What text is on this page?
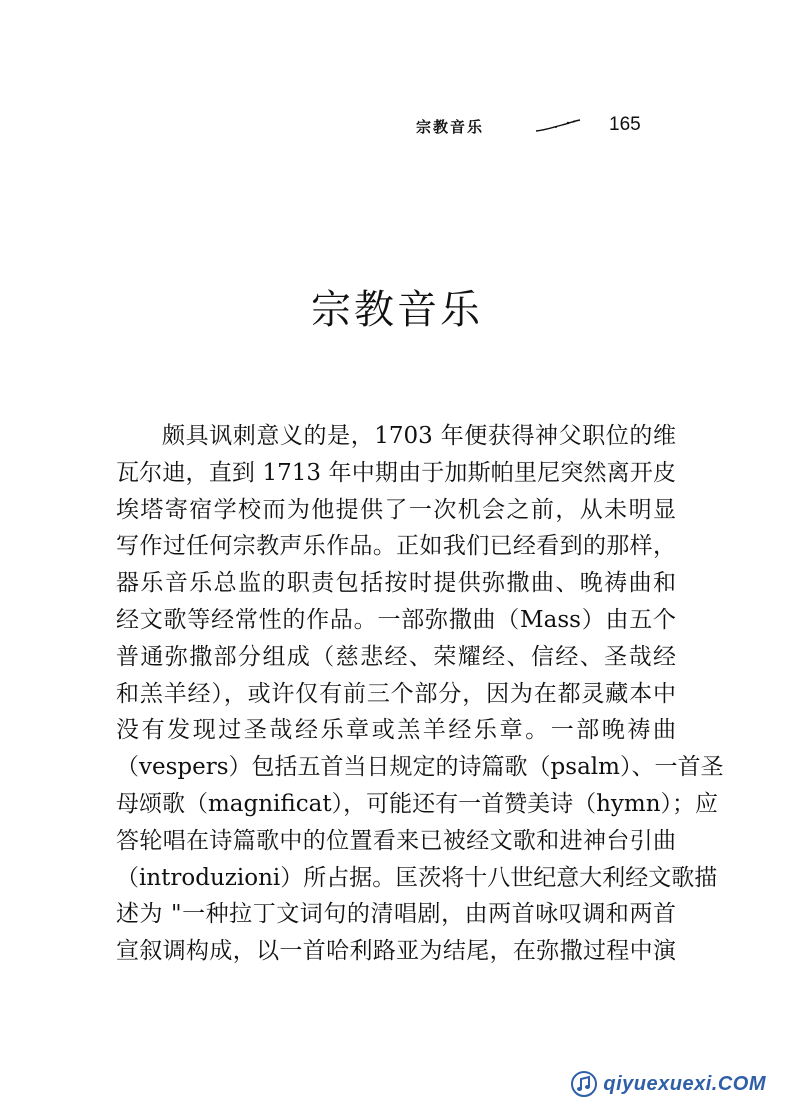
宗教音乐	165
宗教音乐
颇具讽刺意义的是，1703 年便获得神父职位的维
瓦尔迪，直到 1713 年中期由于加斯帕里尼突然离开皮
埃塔寄宿学校而为他提供了一次机会之前，从未明显
写作过任何宗教声乐作品。正如我们已经看到的那样，
器乐音乐总监的职责包括按时提供弥撒曲、晚祷曲和
经文歌等经常性的作品。一部弥撒曲（Mass）由五个
普通弥撒部分组成（慈悲经、荣耀经、信经、圣哉经
和羔羊经），或许仅有前三个部分，因为在都灵藏本中
没有发现过圣哉经乐章或羔羊经乐章。一部晚祷曲
（vespers）包括五首当日规定的诗篇歌（psalm）、一首圣
母颂歌（magnificat），可能还有一首赞美诗（hymn）；应
答轮唱在诗篇歌中的位置看来已被经文歌和进神台引曲
（introduzioni）所占据。匡茨将十八世纪意大利经文歌描
述为 "一种拉丁文词句的清唱剧，由两首咏叹调和两首
宣叙调构成，以一首哈利路亚为结尾，在弥撒过程中演
qiyuexuexi.COM
